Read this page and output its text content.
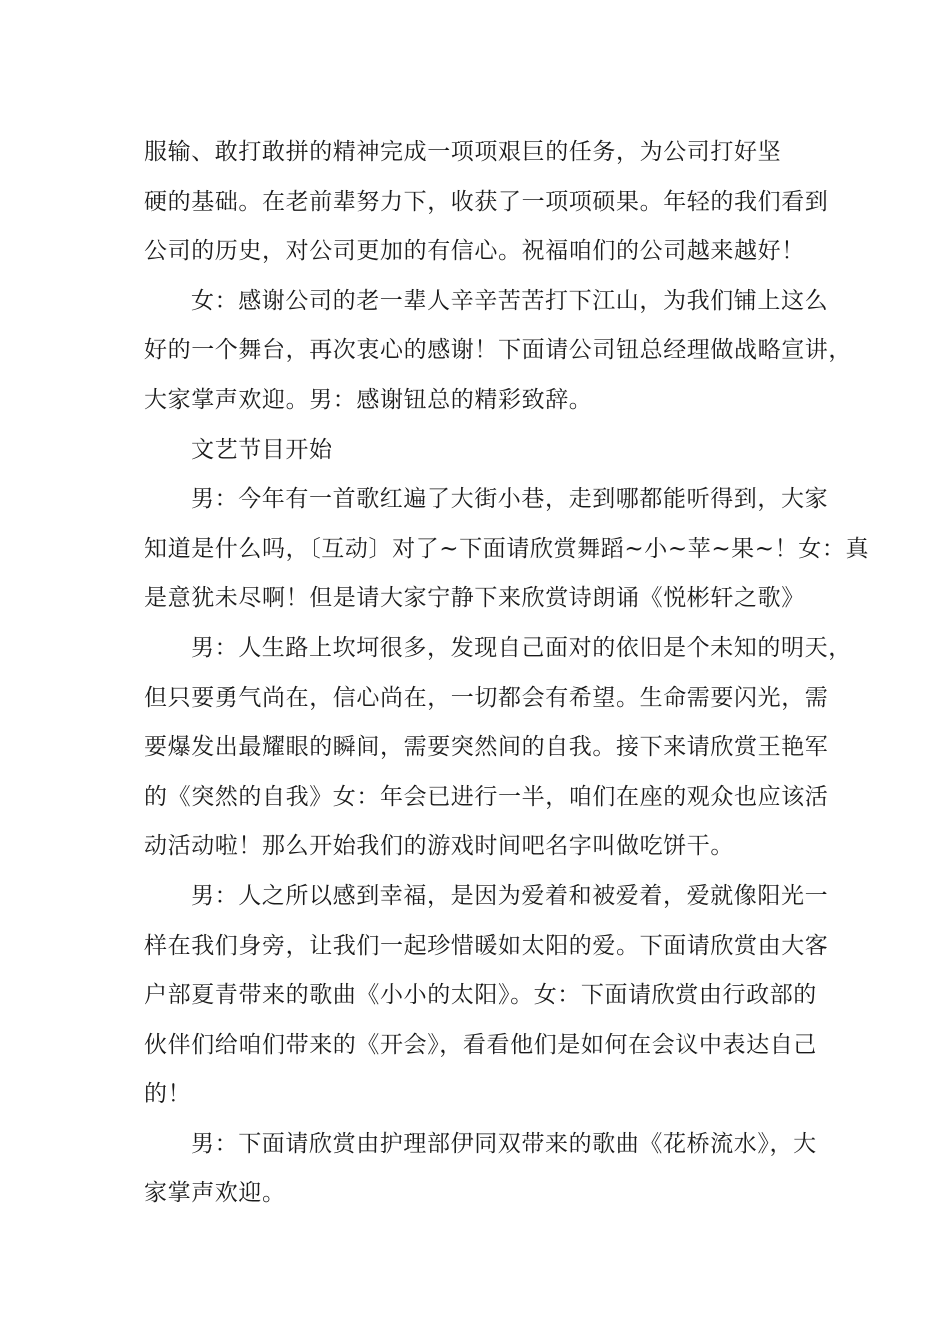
服输、敢打敢拼的精神完成一项项艰巨的任务，为公司打好坚
硬的基础。在老前辈努力下，收获了一项项硕果。年轻的我们看到
公司的历史，对公司更加的有信心。祝福咱们的公司越来越好！
女：感谢公司的老一辈人辛辛苦苦打下江山，为我们铺上这么
好的一个舞台，再次衷心的感谢！下面请公司钮总经理做战略宣讲，
大家掌声欢迎。男：感谢钮总的精彩致辞。
文艺节目开始
男：今年有一首歌红遍了大街小巷，走到哪都能听得到，大家
知道是什么吗，〔互动〕对了~下面请欣赏舞蹈~小~苹~果~！女：真
是意犹未尽啊！但是请大家宁静下来欣赏诗朗诵《悦彬轩之歌》
男：人生路上坎坷很多，发现自己面对的依旧是个未知的明天，
但只要勇气尚在，信心尚在，一切都会有希望。生命需要闪光，需
要爆发出最耀眼的瞬间，需要突然间的自我。接下来请欣赏王艳军
的《突然的自我》女：年会已进行一半，咱们在座的观众也应该活
动活动啦！那么开始我们的游戏时间吧名字叫做吃饼干。
男：人之所以感到幸福，是因为爱着和被爱着，爱就像阳光一
样在我们身旁，让我们一起珍惜暖如太阳的爱。下面请欣赏由大客
户部夏青带来的歌曲《小小的太阳》。女：下面请欣赏由行政部的
伙伴们给咱们带来的《开会》，看看他们是如何在会议中表达自己
的！
男：下面请欣赏由护理部伊同双带来的歌曲《花桥流水》，大
家掌声欢迎。
